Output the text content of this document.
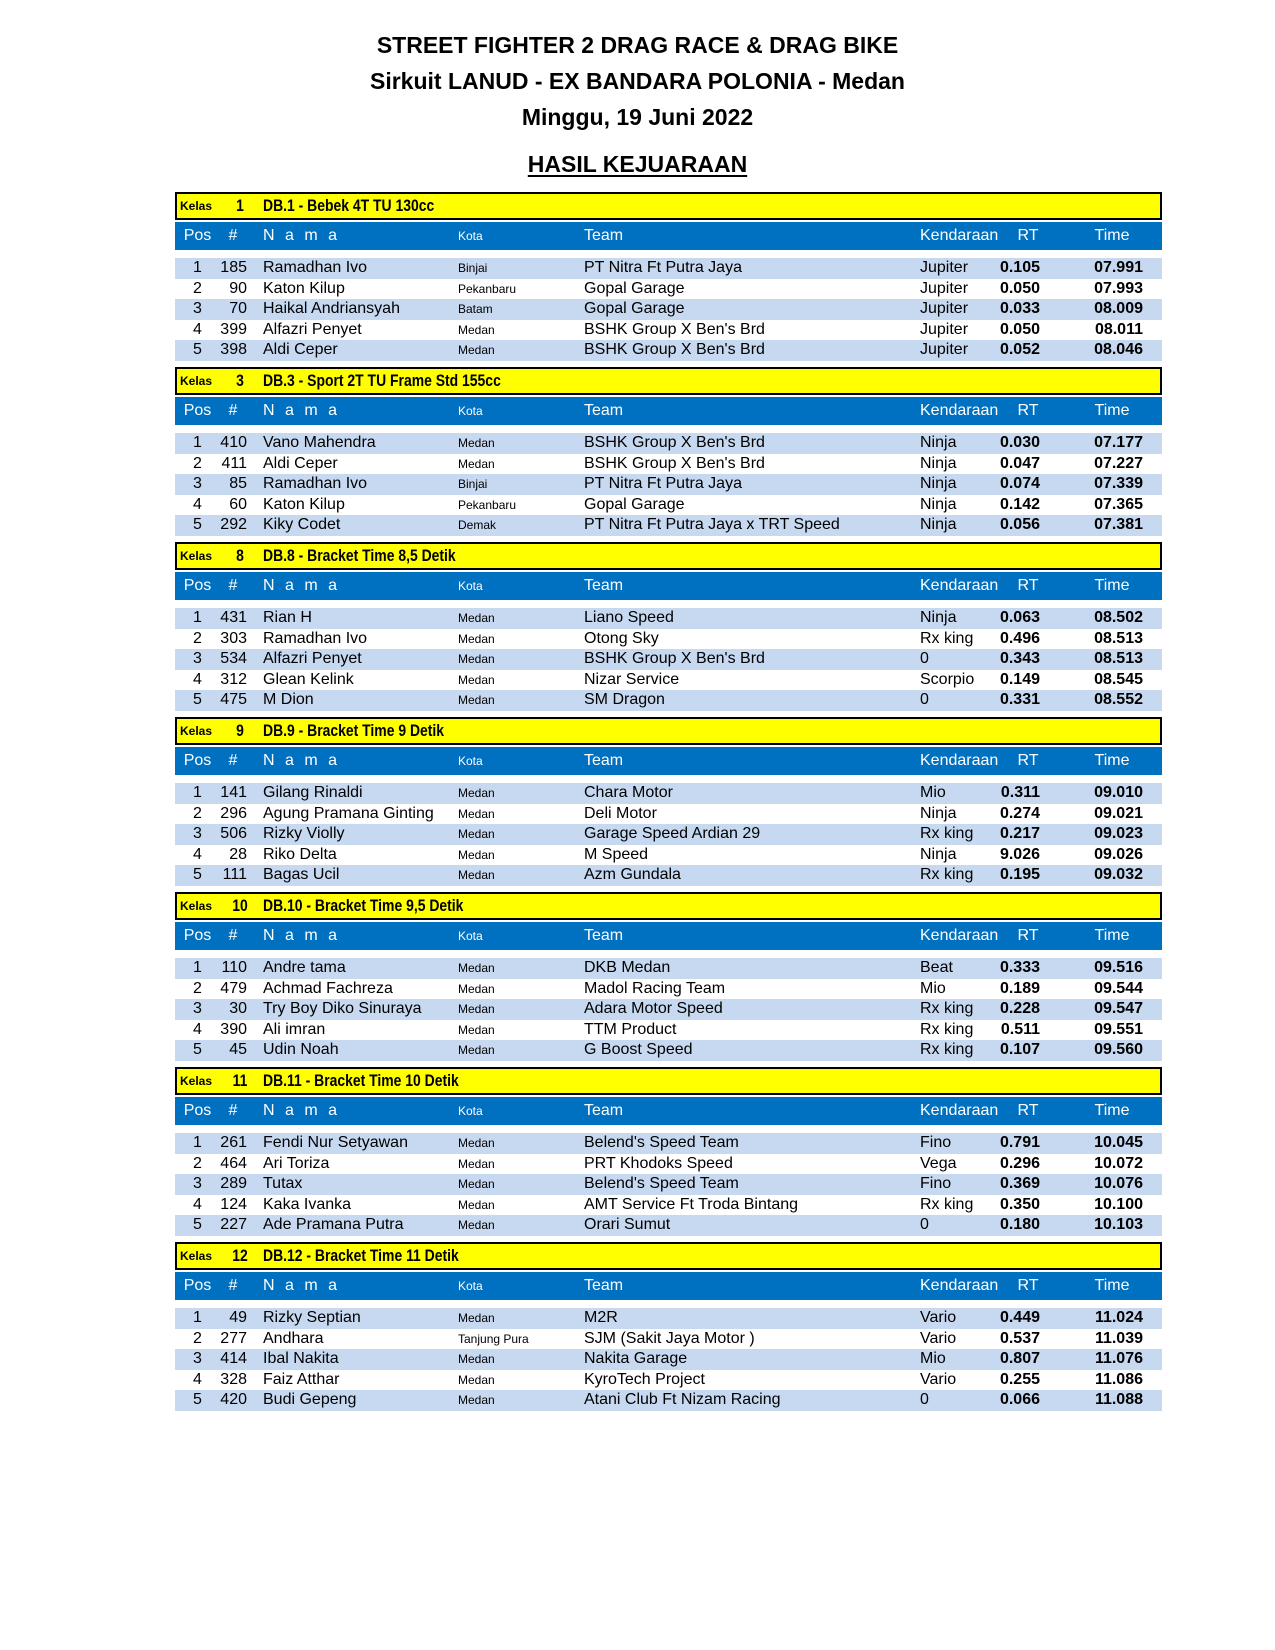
STREET FIGHTER 2 DRAG RACE & DRAG BIKE
Sirkuit LANUD - EX BANDARA POLONIA - Medan
Minggu, 19 Juni 2022
HASIL KEJUARAAN
Kelas	1	DB.1 - Bebek 4T TU 130cc
Pos	# N a m a	Kota	Team	Kendaraan RT	Time
1	185 Ramadhan Ivo	Binjai	PT Nitra Ft Putra Jaya	Jupiter	0.105	07.991
2	90 Katon Kilup	Pekanbaru	Gopal Garage	Jupiter	0.050	07.993
3	70 Haikal Andriansyah	Batam	Gopal Garage	Jupiter	0.033	08.009
4	399 Alfazri Penyet	Medan	BSHK Group X Ben's Brd	Jupiter	0.050	08.011
5	398 Aldi Ceper	Medan	BSHK Group X Ben's Brd	Jupiter	0.052	08.046
Kelas	3	DB.3 - Sport 2T TU Frame Std 155cc
Pos	# N a m a	Kota	Team	Kendaraan RT	Time
1	410 Vano Mahendra	Medan	BSHK Group X Ben's Brd	Ninja	0.030	07.177
2	411 Aldi Ceper	Medan	BSHK Group X Ben's Brd	Ninja	0.047	07.227
3	85 Ramadhan Ivo	Binjai	PT Nitra Ft Putra Jaya	Ninja	0.074	07.339
4	60 Katon Kilup	Pekanbaru	Gopal Garage	Ninja	0.142	07.365
5	292 Kiky Codet	Demak	PT Nitra Ft Putra Jaya x TRT Speed	Ninja	0.056	07.381
Kelas	8	DB.8 - Bracket Time 8,5 Detik
Pos	# N a m a	Kota	Team	Kendaraan RT	Time
1	431 Rian H	Medan	Liano Speed	Ninja	0.063	08.502
2	303 Ramadhan Ivo	Medan	Otong Sky	Rx king	0.496	08.513
3	534 Alfazri Penyet	Medan	BSHK Group X Ben's Brd	0	0.343	08.513
4	312 Glean Kelink	Medan	Nizar Service	Scorpio	0.149	08.545
5	475 M Dion	Medan	SM Dragon	0	0.331	08.552
Kelas	9	DB.9 - Bracket Time 9 Detik
Pos	# N a m a	Kota	Team	Kendaraan RT	Time
1	141 Gilang Rinaldi	Medan	Chara Motor	Mio	0.311	09.010
2	296 Agung Pramana Ginting Medan	Deli Motor	Ninja	0.274	09.021
3	506 Rizky Violly	Medan	Garage Speed Ardian 29	Rx king	0.217	09.023
4	28 Riko Delta	Medan	M Speed	Ninja	9.026	09.026
5	111 Bagas Ucil	Medan	Azm Gundala	Rx king	0.195	09.032
Kelas 10 DB.10 - Bracket Time 9,5 Detik
Pos	# N a m a	Kota	Team	Kendaraan RT	Time
1	110 Andre tama	Medan	DKB Medan	Beat	0.333	09.516
2	479 Achmad Fachreza	Medan	Madol Racing Team	Mio	0.189	09.544
3	30 Try Boy Diko Sinuraya	Medan	Adara Motor Speed	Rx king	0.228	09.547
4	390 Ali imran	Medan	TTM Product	Rx king	0.511	09.551
5	45 Udin Noah	Medan	G Boost Speed	Rx king	0.107	09.560
Kelas 11 DB.11 - Bracket Time 10 Detik
Pos	# N a m a	Kota	Team	Kendaraan RT	Time
1	261 Fendi Nur Setyawan	Medan	Belend's Speed Team	Fino	0.791	10.045
2	464 Ari Toriza	Medan	PRT Khodoks Speed	Vega	0.296	10.072
3	289 Tutax	Medan	Belend's Speed Team	Fino	0.369	10.076
4	124 Kaka Ivanka	Medan	AMT Service Ft Troda Bintang	Rx king	0.350	10.100
5	227 Ade Pramana Putra	Medan	Orari Sumut	0	0.180	10.103
Kelas 12 DB.12 - Bracket Time 11 Detik
Pos	# N a m a	Kota	Team	Kendaraan RT	Time
1	49 Rizky Septian	Medan	M2R	Vario	0.449	11.024
2	277 Andhara	Tanjung Pura	SJM (Sakit Jaya Motor )	Vario	0.537	11.039
3	414 Ibal Nakita	Medan	Nakita Garage	Mio	0.807	11.076
4	328 Faiz Atthar	Medan	KyroTech Project	Vario	0.255	11.086
5	420 Budi Gepeng	Medan	Atani Club Ft Nizam Racing	0	0.066	11.088
